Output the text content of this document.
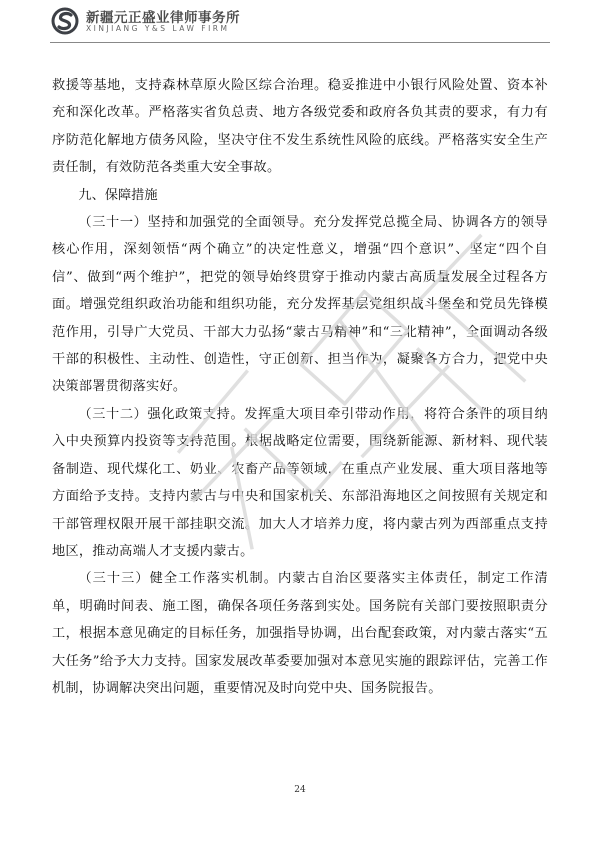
新疆元正盛业律师事务所
XINJIANG Y&S LAW FIRM

救援等基地，支持森林草原火险区综合治理。稳妥推进中小银行风险处置、资本补充和深化改革。严格落实省负总责、地方各级党委和政府各负其责的要求，有力有序防范化解地方债务风险，坚决守住不发生系统性风险的底线。严格落实安全生产责任制，有效防范各类重大安全事故。

九、保障措施

（三十一）坚持和加强党的全面领导。充分发挥党总揽全局、协调各方的领导核心作用，深刻领悟“两个确立”的决定性意义，增强“四个意识”、坚定“四个自信”、做到“两个维护”，把党的领导始终贯穿于推动内蒙古高质量发展全过程各方面。增强党组织政治功能和组织功能，充分发挥基层党组织战斗堡垒和党员先锋模范作用，引导广大党员、干部大力弘扬“蒙古马精神”和“三北精神”，全面调动各级干部的积极性、主动性、创造性，守正创新、担当作为，凝聚各方合力，把党中央决策部署贯彻落实好。

（三十二）强化政策支持。发挥重大项目牵引带动作用，将符合条件的项目纳入中央预算内投资等支持范围。根据战略定位需要，围绕新能源、新材料、现代装备制造、现代煤化工、奶业、农畜产品等领域，在重点产业发展、重大项目落地等方面给予支持。支持内蒙古与中央和国家机关、东部沿海地区之间按照有关规定和干部管理权限开展干部挂职交流。加大人才培养力度，将内蒙古列为西部重点支持地区，推动高端人才支援内蒙古。

（三十三）健全工作落实机制。内蒙古自治区要落实主体责任，制定工作清单，明确时间表、施工图，确保各项任务落到实处。国务院有关部门要按照职责分工，根据本意见确定的目标任务，加强指导协调，出台配套政策，对内蒙古落实“五大任务”给予大力支持。国家发展改革委要加强对本意见实施的跟踪评估，完善工作机制，协调解决突出问题，重要情况及时向党中央、国务院报告。

24
